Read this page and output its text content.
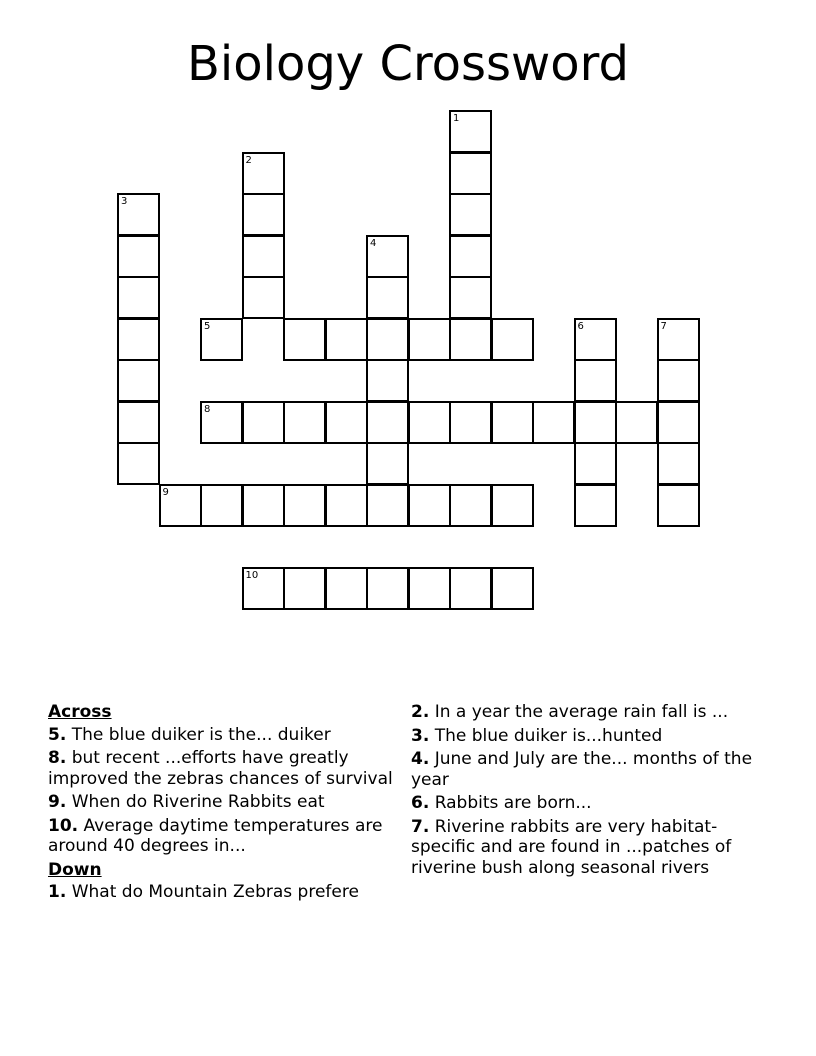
Biology Crossword
1
2
3
4
5	6	7
8
9
10
Across
5. The blue duiker is the... duiker
8. but recent ...efforts have greatly improved the zebras chances of survival
9. When do Riverine Rabbits eat
10. Average daytime temperatures are around 40 degrees in...
Down
1. What do Mountain Zebras prefere
2. In a year the average rain fall is ...
3. The blue duiker is...hunted
4. June and July are the... months of the year
6. Rabbits are born...
7. Riverine rabbits are very habitat-specific and are found in ...patches of riverine bush along seasonal rivers
